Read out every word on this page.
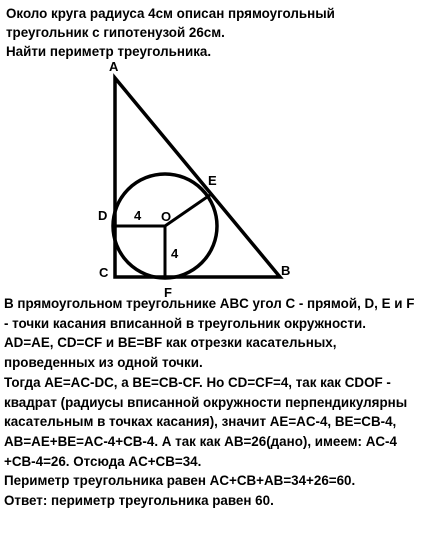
Около круга радиуса 4см описан прямоугольный
треугольник с гипотенузой 26см.
Найти периметр треугольника.
A
B
C
D
E
F
O
4
4
В прямоугольном треугольнике ABC угол C - прямой, D, E и F
- точки касания вписанной в треугольник окружности.
AD=AE, CD=CF и BE=BF как отрезки касательных,
проведенных из одной точки.
Тогда AE=AC-DC, а BE=CB-CF. Но CD=CF=4, так как CDOF -
квадрат (радиусы вписанной окружности перпендикулярны
касательным в точках касания), значит AE=AC-4, BE=CB-4,
AB=AE+BE=AC-4+CB-4. А так как AB=26(дано), имеем: AC-4
+CB-4=26. Отсюда AC+CB=34.
Периметр треугольника равен AC+CB+AB=34+26=60.
Ответ: периметр треугольника равен 60.
